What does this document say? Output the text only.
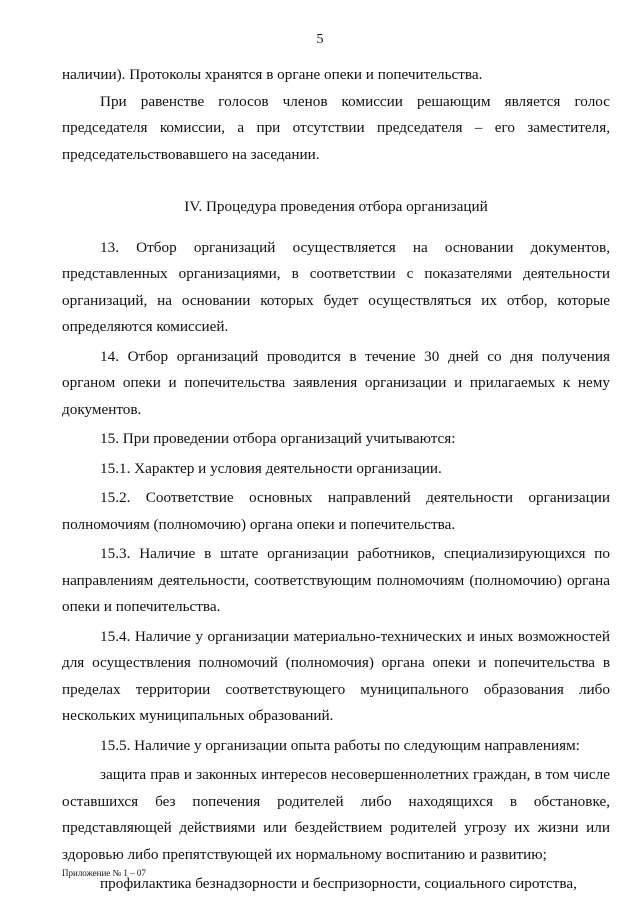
5

наличии). Протоколы хранятся в органе опеки и попечительства.

При равенстве голосов членов комиссии решающим является голос председателя комиссии, а при отсутствии председателя – его заместителя, председательствовавшего на заседании.

IV. Процедура проведения отбора организаций

13. Отбор организаций осуществляется на основании документов, представленных организациями, в соответствии с показателями деятельности организаций, на основании которых будет осуществляться их отбор, которые определяются комиссией.

14. Отбор организаций проводится в течение 30 дней со дня получения органом опеки и попечительства заявления организации и прилагаемых к нему документов.

15. При проведении отбора организаций учитываются:

15.1. Характер и условия деятельности организации.

15.2. Соответствие основных направлений деятельности организации полномочиям (полномочию) органа опеки и попечительства.

15.3. Наличие в штате организации работников, специализирующихся по направлениям деятельности, соответствующим полномочиям (полномочию) органа опеки и попечительства.

15.4. Наличие у организации материально-технических и иных возможностей для осуществления полномочий (полномочия) органа опеки и попечительства в пределах территории соответствующего муниципального образования либо нескольких муниципальных образований.

15.5. Наличие у организации опыта работы по следующим направлениям:

защита прав и законных интересов несовершеннолетних граждан, в том числе оставшихся без попечения родителей либо находящихся в обстановке, представляющей действиями или бездействием родителей угрозу их жизни или здоровью либо препятствующей их нормальному воспитанию и развитию;

профилактика безнадзорности и беспризорности, социального сиротства,

Приложение № 1 – 07
